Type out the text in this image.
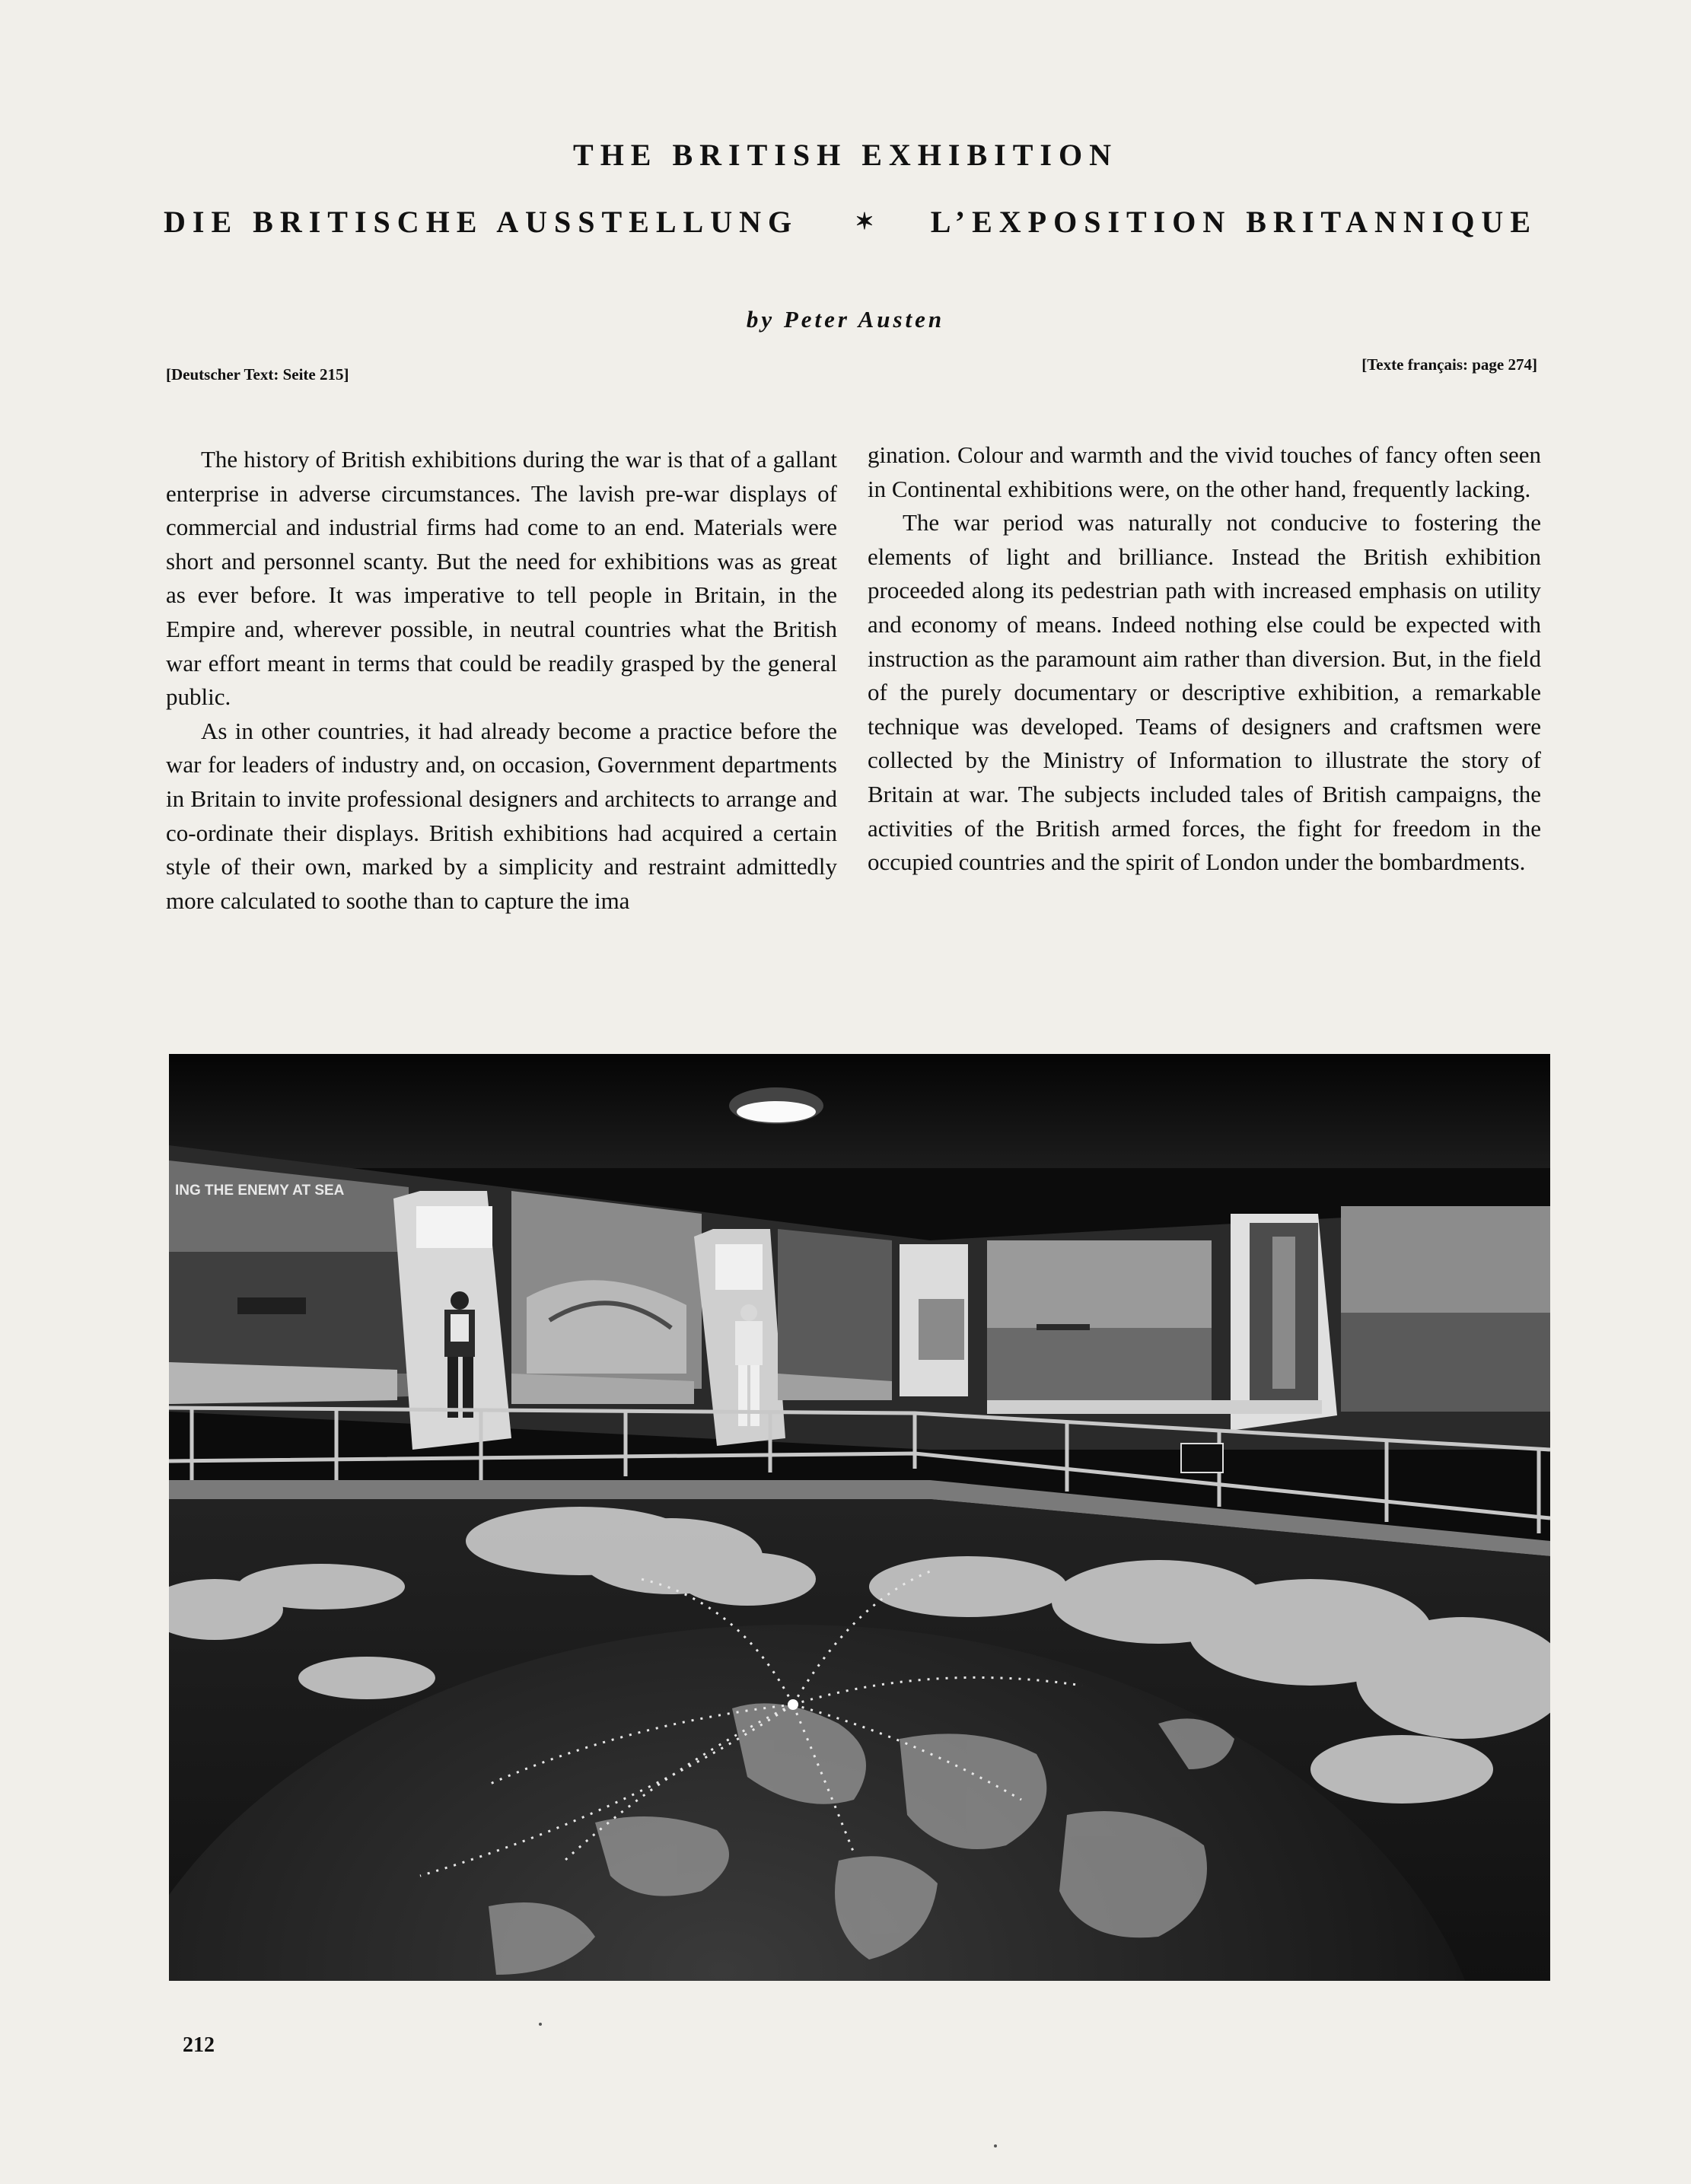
THE BRITISH EXHIBITION
DIE BRITISCHE AUSSTELLUNG ✶ L’EXPOSITION BRITANNIQUE
by Peter Austen
[Deutscher Text: Seite 215]
[Texte français: page 274]

The history of British exhibitions during the war is that of a gallant enterprise in adverse circumstances. The lavish pre-war displays of commercial and industrial firms had come to an end. Materials were short and personnel scanty. But the need for exhibitions was as great as ever before. It was imperative to tell people in Britain, in the Empire and, wherever possible, in neutral countries what the British war effort meant in terms that could be readily grasped by the general public.

As in other countries, it had already become a practice before the war for leaders of industry and, on occasion, Government departments in Britain to invite professional designers and architects to arrange and co-ordinate their displays. British exhibitions had acquired a certain style of their own, marked by a simplicity and restraint admittedly more calculated to soothe than to capture the ima

gination. Colour and warmth and the vivid touches of fancy often seen in Continental exhibitions were, on the other hand, frequently lacking.

The war period was naturally not conducive to fostering the elements of light and brilliance. Instead the British exhibition proceeded along its pedestrian path with increased emphasis on utility and economy of means. Indeed nothing else could be expected with instruction as the paramount aim rather than diversion. But, in the field of the purely documentary or descriptive exhibition, a remarkable technique was developed. Teams of designers and craftsmen were collected by the Ministry of Information to illustrate the story of Britain at war. The subjects included tales of British campaigns, the activities of the British armed forces, the fight for freedom in the occupied countries and the spirit of London under the bombardments.

ING THE ENEMY AT SEA
212
